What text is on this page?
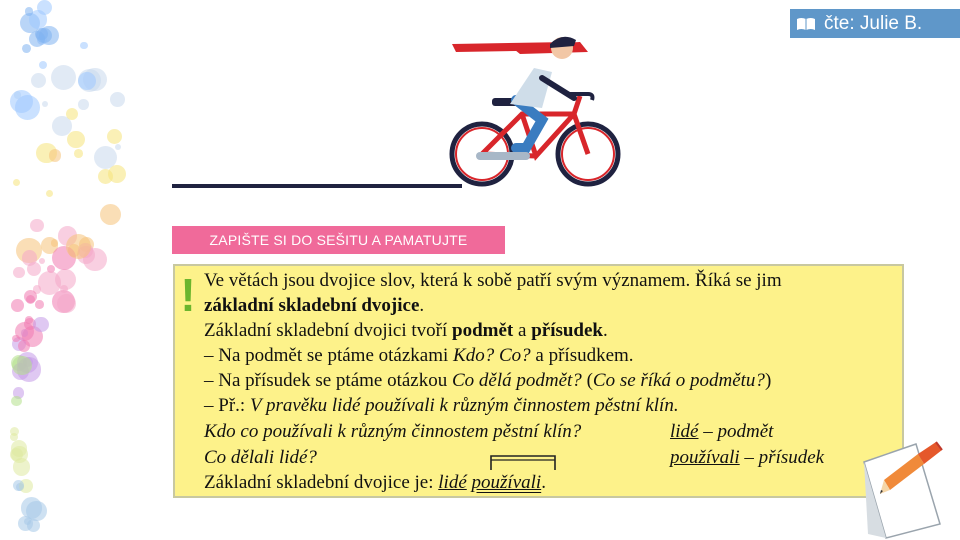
čte: Julie B.
ZAPIŠTE SI DO SEŠITU A PAMATUJTE
! Ve větách jsou dvojice slov, která k sobě patří svým významem. Říká se jim
základní skladební dvojice.
Základní skladební dvojici tvoří podmět a přísudek.
– Na podmět se ptáme otázkami Kdo? Co? a přísudkem.
– Na přísudek se ptáme otázkou Co dělá podmět? (Co se říká o podmětu?)
– Př.: V pravěku lidé používali k různým činnostem pěstní klín.
Kdo co používali k různým činnostem pěstní klín?	lidé – podmět
Co dělali lidé?	používali – přísudek
Základní skladební dvojice je: lidé používali.
